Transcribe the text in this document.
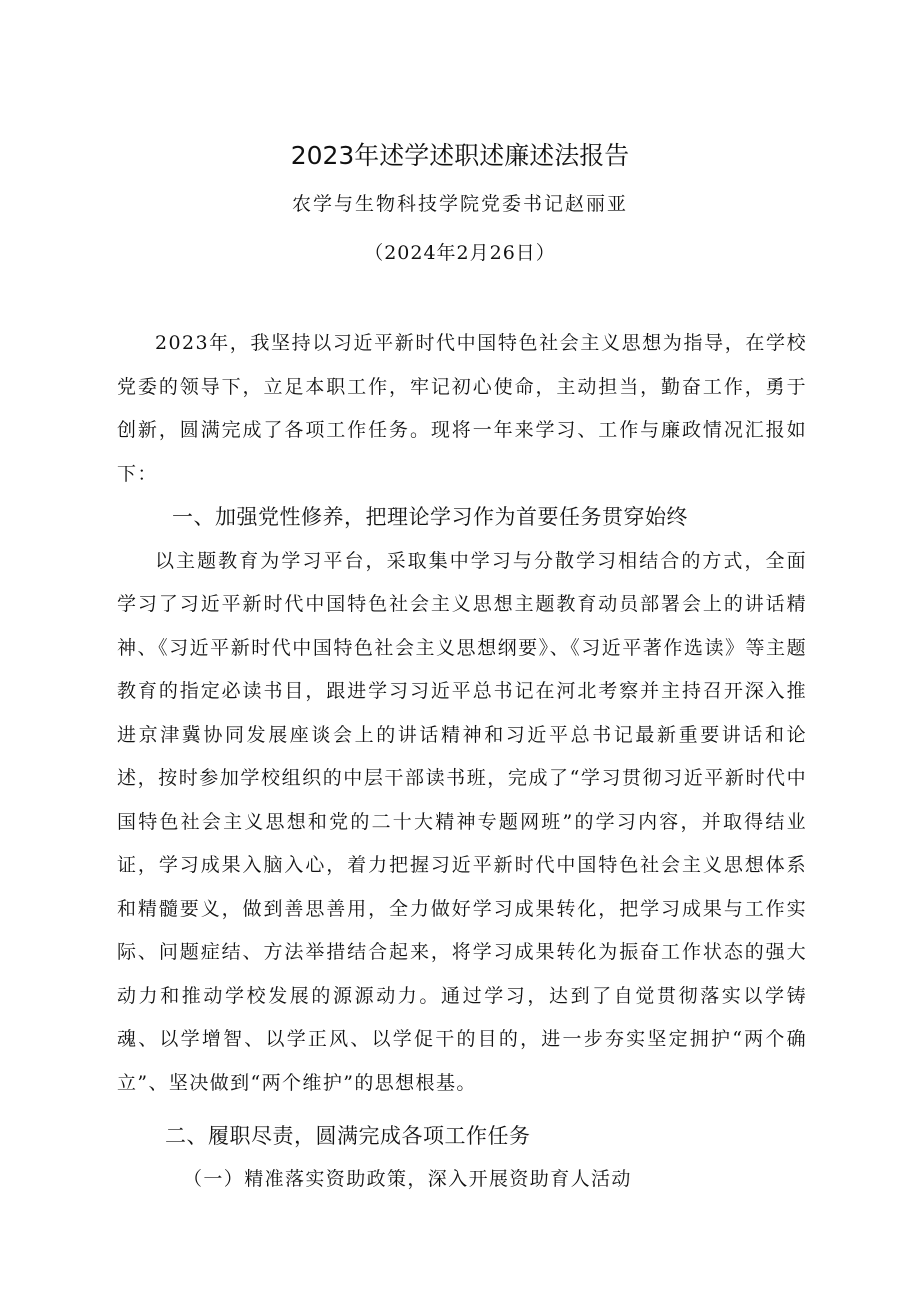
2023年述学述职述廉述法报告
农学与生物科技学院党委书记赵丽亚
（2024年2月26日）

2023年，我坚持以习近平新时代中国特色社会主义思想为指导，在学校党委的领导下，立足本职工作，牢记初心使命，主动担当，勤奋工作，勇于创新，圆满完成了各项工作任务。现将一年来学习、工作与廉政情况汇报如下：

一、加强党性修养，把理论学习作为首要任务贯穿始终

以主题教育为学习平台，采取集中学习与分散学习相结合的方式，全面学习了习近平新时代中国特色社会主义思想主题教育动员部署会上的讲话精神、《习近平新时代中国特色社会主义思想纲要》、《习近平著作选读》等主题教育的指定必读书目，跟进学习习近平总书记在河北考察并主持召开深入推进京津冀协同发展座谈会上的讲话精神和习近平总书记最新重要讲话和论述，按时参加学校组织的中层干部读书班，完成了“学习贯彻习近平新时代中国特色社会主义思想和党的二十大精神专题网班”的学习内容，并取得结业证，学习成果入脑入心，着力把握习近平新时代中国特色社会主义思想体系和精髓要义，做到善思善用，全力做好学习成果转化，把学习成果与工作实际、问题症结、方法举措结合起来，将学习成果转化为振奋工作状态的强大动力和推动学校发展的源源动力。通过学习，达到了自觉贯彻落实以学铸魂、以学增智、以学正风、以学促干的目的，进一步夯实坚定拥护“两个确立”、坚决做到“两个维护”的思想根基。

二、履职尽责，圆满完成各项工作任务

（一）精准落实资助政策，深入开展资助育人活动
